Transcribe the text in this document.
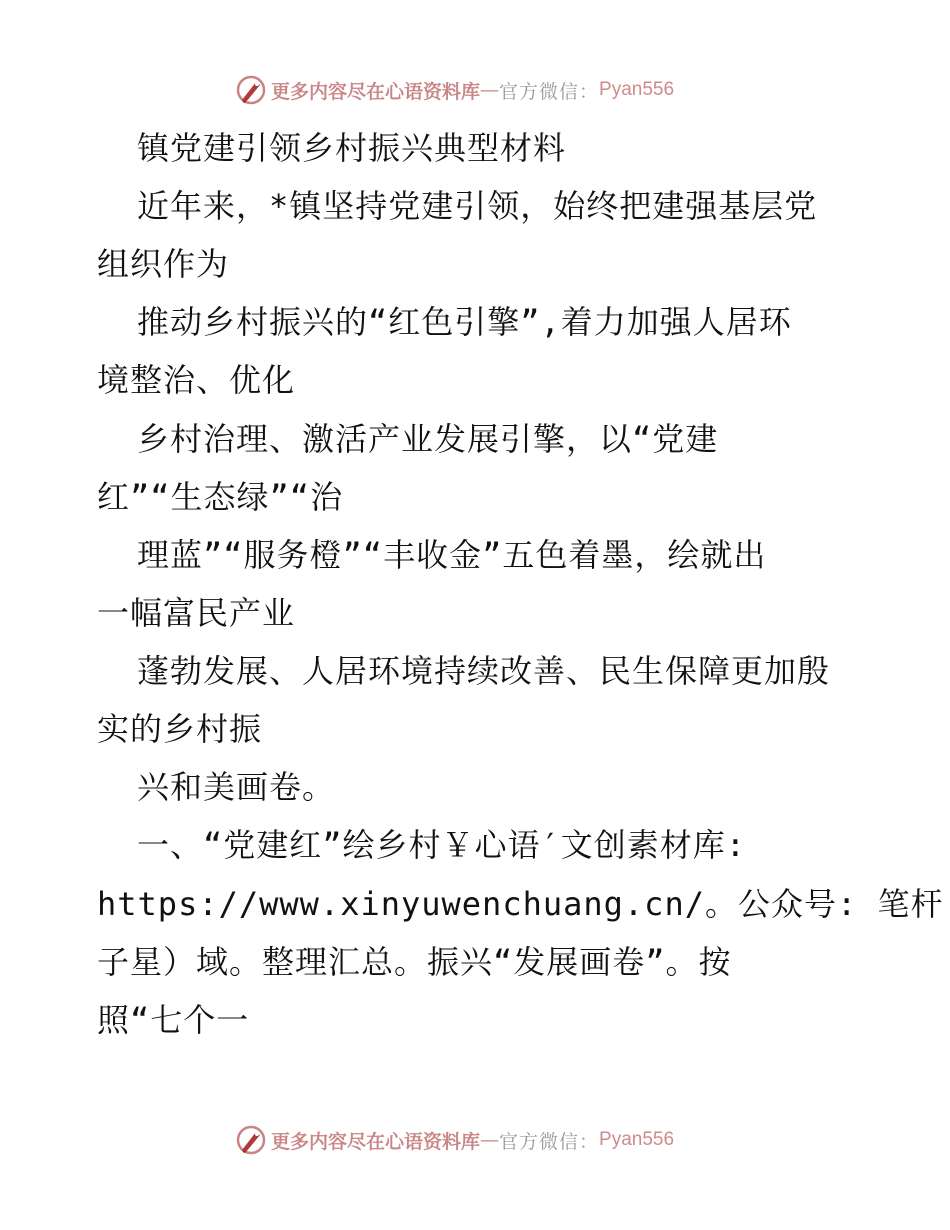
更多内容尽在心语资料库 — 官方微信： Pyan556
镇党建引领乡村振兴典型材料
近年来，*镇坚持党建引领，始终把建强基层党
组织作为
推动乡村振兴的“红色引擎”,着力加强人居环
境整治、优化
乡村治理、激活产业发展引擎，以“党建
红”“生态绿”“治
理蓝”“服务橙”“丰收金”五色着墨，绘就出
一幅富民产业
蓬勃发展、人居环境持续改善、民生保障更加殷
实的乡村振
兴和美画卷。
一、“党建红”绘乡村￥心语′文创素材库:
https://www.xinyuwenchuang.cn/。公众号: 笔杆
子星）域。整理汇总。振兴“发展画卷”。按
照“七个一
更多内容尽在心语资料库 — 官方微信： Pyan556
